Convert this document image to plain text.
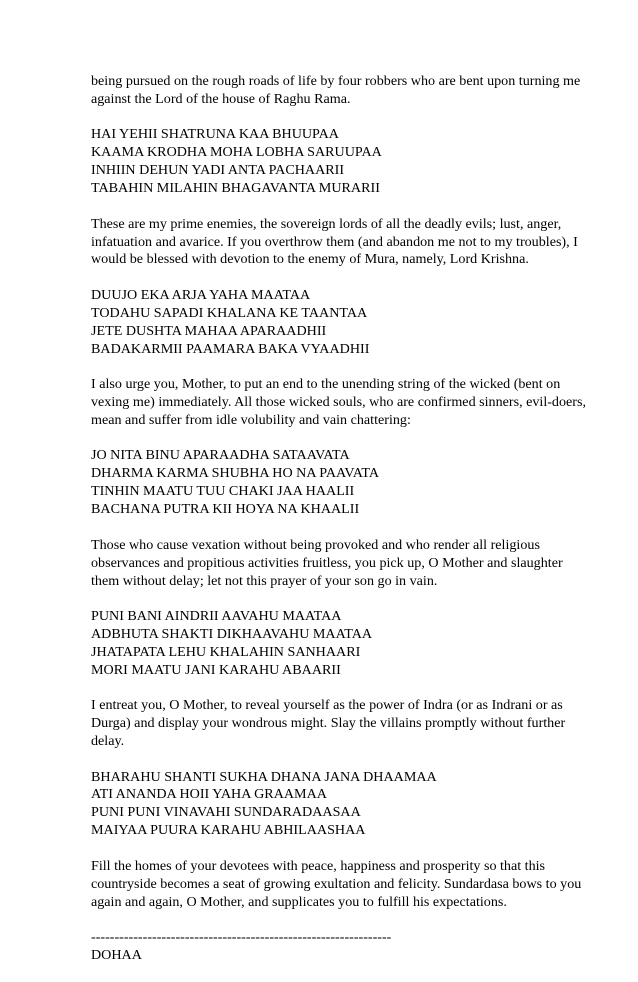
being pursued on the rough roads of life by four robbers who are bent upon turning me
against the Lord of the house of Raghu Rama.
HAI YEHII SHATRUNA KAA BHUUPAA
KAAMA KRODHA MOHA LOBHA SARUUPAA
INHIIN DEHUN YADI ANTA PACHAARII
TABAHIN MILAHIN BHAGAVANTA MURARII
These are my prime enemies, the sovereign lords of all the deadly evils; lust, anger,
infatuation and avarice. If you overthrow them (and abandon me not to my troubles), I
would be blessed with devotion to the enemy of Mura, namely, Lord Krishna.
DUUJO EKA ARJA YAHA MAATAA
TODAHU SAPADI KHALANA KE TAANTAA
JETE DUSHTA MAHAA APARAADHII
BADAKARMII PAAMARA BAKA VYAADHII
I also urge you, Mother, to put an end to the unending string of the wicked (bent on
vexing me) immediately. All those wicked souls, who are confirmed sinners, evil-doers,
mean and suffer from idle volubility and vain chattering:
JO NITA BINU APARAADHA SATAAVATA
DHARMA KARMA SHUBHA HO NA PAAVATA
TINHIN MAATU TUU CHAKI JAA HAALII
BACHANA PUTRA KII HOYA NA KHAALII
Those who cause vexation without being provoked and who render all religious
observances and propitious activities fruitless, you pick up, O Mother and slaughter
them without delay; let not this prayer of your son go in vain.
PUNI BANI AINDRII AAVAHU MAATAA
ADBHUTA SHAKTI DIKHAAVAHU MAATAA
JHATAPATA LEHU KHALAHIN SANHAARI
MORI MAATU JANI KARAHU ABAARII
I entreat you, O Mother, to reveal yourself as the power of Indra (or as Indrani or as
Durga) and display your wondrous might. Slay the villains promptly without further
delay.
BHARAHU SHANTI SUKHA DHANA JANA DHAAMAA
ATI ANANDA HOII YAHA GRAAMAA
PUNI PUNI VINAVAHI SUNDARADAASAA
MAIYAA PUURA KARAHU ABHILAASHAA
Fill the homes of your devotees with peace, happiness and prosperity so that this
countryside becomes a seat of growing exultation and felicity. Sundardasa bows to you
again and again, O Mother, and supplicates you to fulfill his expectations.
----------------------------------------------------------------
DOHAA
